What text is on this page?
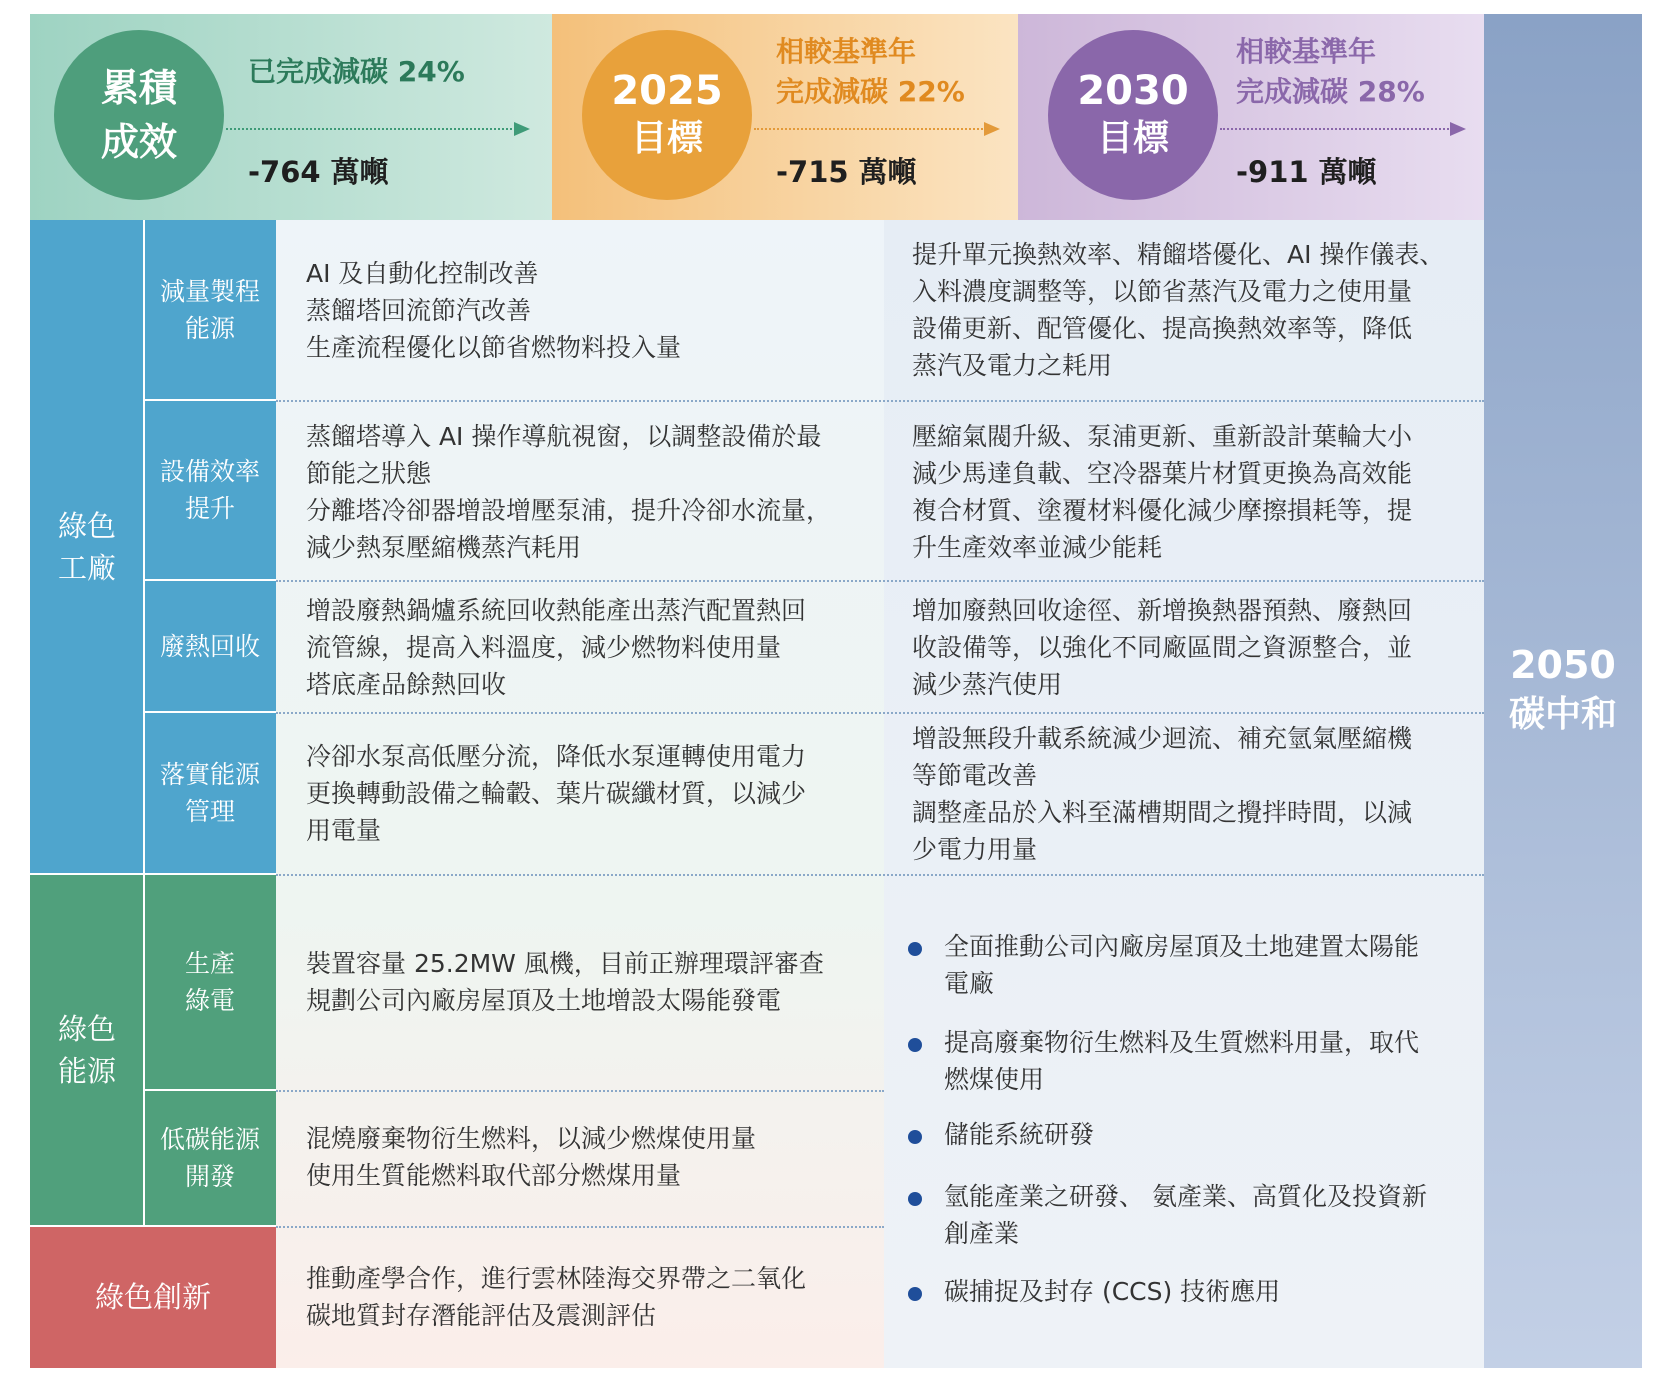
累積
成效
已完成減碳 24%
-764 萬噸
2025
目標
相較基準年
完成減碳 22%
-715 萬噸
2030
目標
相較基準年
完成減碳 28%
-911 萬噸
2050
碳中和
綠色
工廠
綠色
能源
綠色創新
減量製程
能源
設備效率
提升
廢熱回收
落實能源
管理
生產
綠電
低碳能源
開發
AI 及自動化控制改善
蒸餾塔回流節汽改善
生產流程優化以節省燃物料投入量
蒸餾塔導入 AI 操作導航視窗，以調整設備於最
節能之狀態
分離塔冷卻器增設增壓泵浦，提升冷卻水流量，
減少熱泵壓縮機蒸汽耗用
增設廢熱鍋爐系統回收熱能產出蒸汽配置熱回
流管線，提高入料溫度，減少燃物料使用量
塔底產品餘熱回收
冷卻水泵高低壓分流，降低水泵運轉使用電力
更換轉動設備之輪轂、葉片碳纖材質，以減少
用電量
裝置容量 25.2MW 風機，目前正辦理環評審查
規劃公司內廠房屋頂及土地增設太陽能發電
混燒廢棄物衍生燃料，以減少燃煤使用量
使用生質能燃料取代部分燃煤用量
推動產學合作，進行雲林陸海交界帶之二氧化
碳地質封存潛能評估及震測評估
提升單元換熱效率、精餾塔優化、AI 操作儀表、
入料濃度調整等，以節省蒸汽及電力之使用量
設備更新、配管優化、提高換熱效率等，降低
蒸汽及電力之耗用
壓縮氣閥升級、泵浦更新、重新設計葉輪大小
減少馬達負載、空冷器葉片材質更換為高效能
複合材質、塗覆材料優化減少摩擦損耗等，提
升生產效率並減少能耗
增加廢熱回收途徑、新增換熱器預熱、廢熱回
收設備等，以強化不同廠區間之資源整合，並
減少蒸汽使用
增設無段升載系統減少迴流、補充氫氣壓縮機
等節電改善
調整產品於入料至滿槽期間之攪拌時間，以減
少電力用量
全面推動公司內廠房屋頂及土地建置太陽能
電廠
提高廢棄物衍生燃料及生質燃料用量，取代
燃煤使用
儲能系統研發
氫能產業之研發、 氨產業、高質化及投資新
創產業
碳捕捉及封存 (CCS) 技術應用
